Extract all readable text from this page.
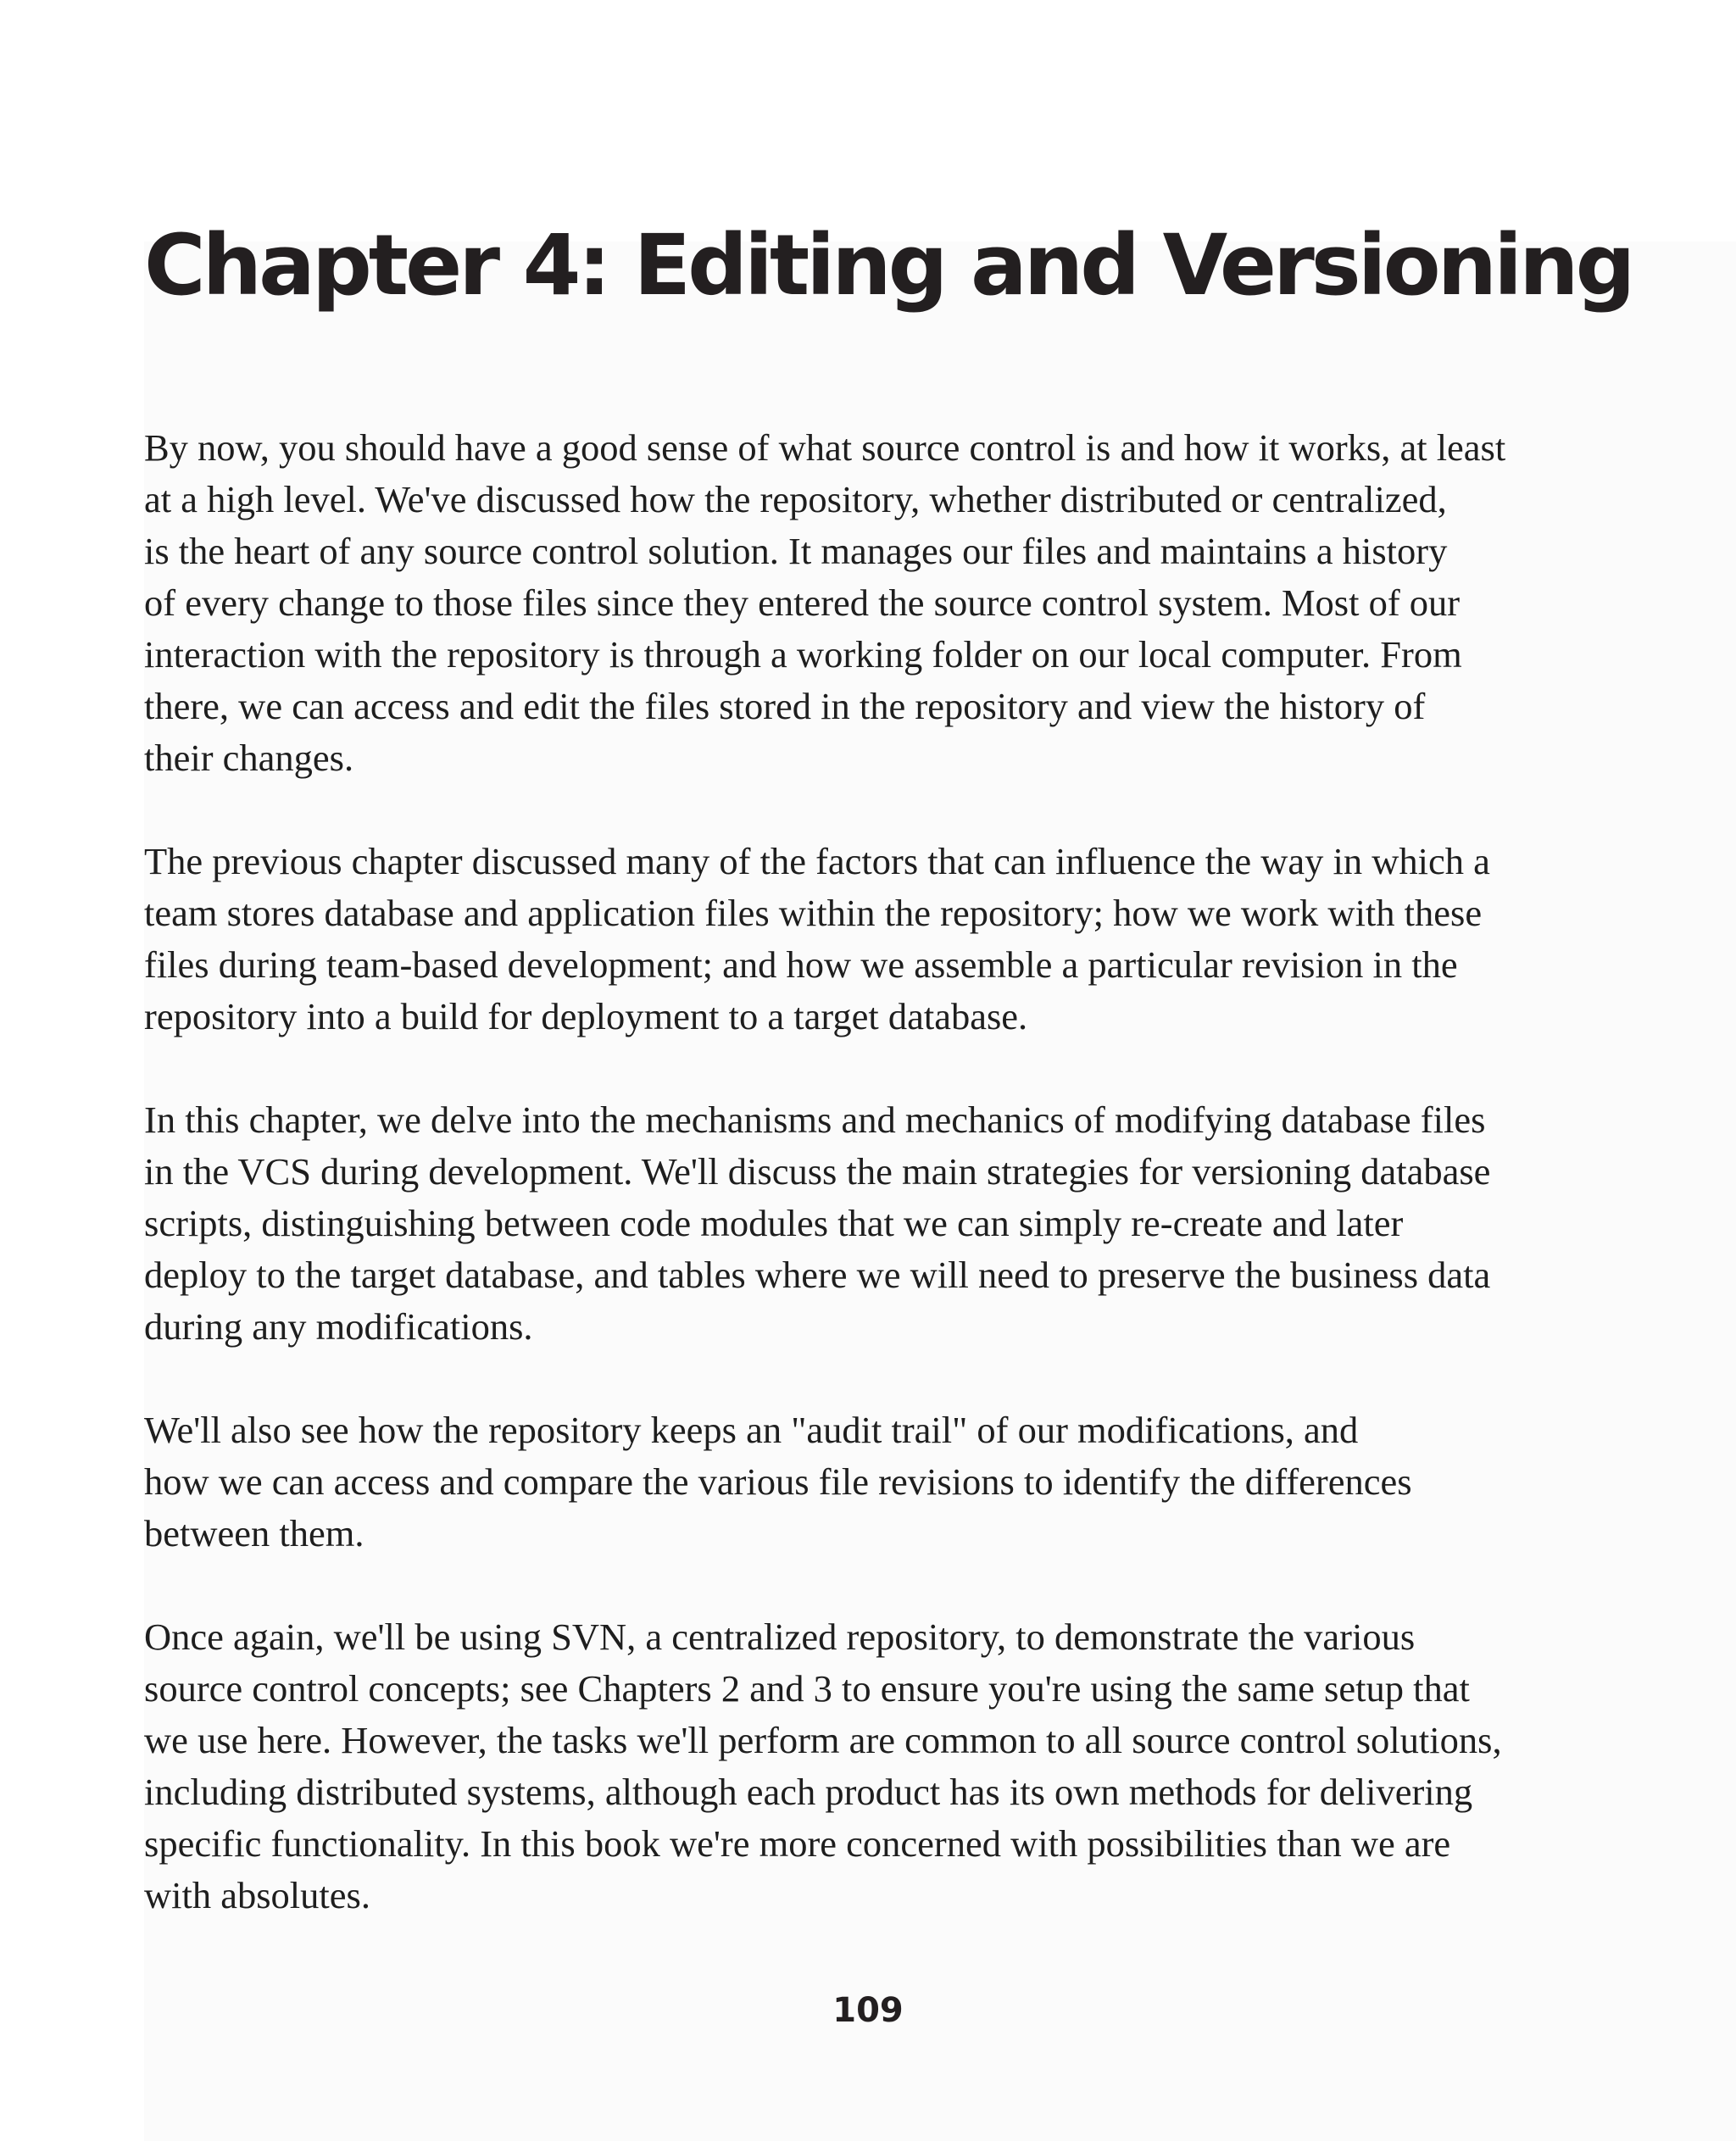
Chapter 4: Editing and Versioning

By now, you should have a good sense of what source control is and how it works, at least
at a high level. We've discussed how the repository, whether distributed or centralized,
is the heart of any source control solution. It manages our files and maintains a history
of every change to those files since they entered the source control system. Most of our
interaction with the repository is through a working folder on our local computer. From
there, we can access and edit the files stored in the repository and view the history of
their changes.

The previous chapter discussed many of the factors that can influence the way in which a
team stores database and application files within the repository; how we work with these
files during team-based development; and how we assemble a particular revision in the
repository into a build for deployment to a target database.

In this chapter, we delve into the mechanisms and mechanics of modifying database files
in the VCS during development. We'll discuss the main strategies for versioning database
scripts, distinguishing between code modules that we can simply re-create and later
deploy to the target database, and tables where we will need to preserve the business data
during any modifications.

We'll also see how the repository keeps an "audit trail" of our modifications, and
how we can access and compare the various file revisions to identify the differences
between them.

Once again, we'll be using SVN, a centralized repository, to demonstrate the various
source control concepts; see Chapters 2 and 3 to ensure you're using the same setup that
we use here. However, the tasks we'll perform are common to all source control solutions,
including distributed systems, although each product has its own methods for delivering
specific functionality. In this book we're more concerned with possibilities than we are
with absolutes.

109
